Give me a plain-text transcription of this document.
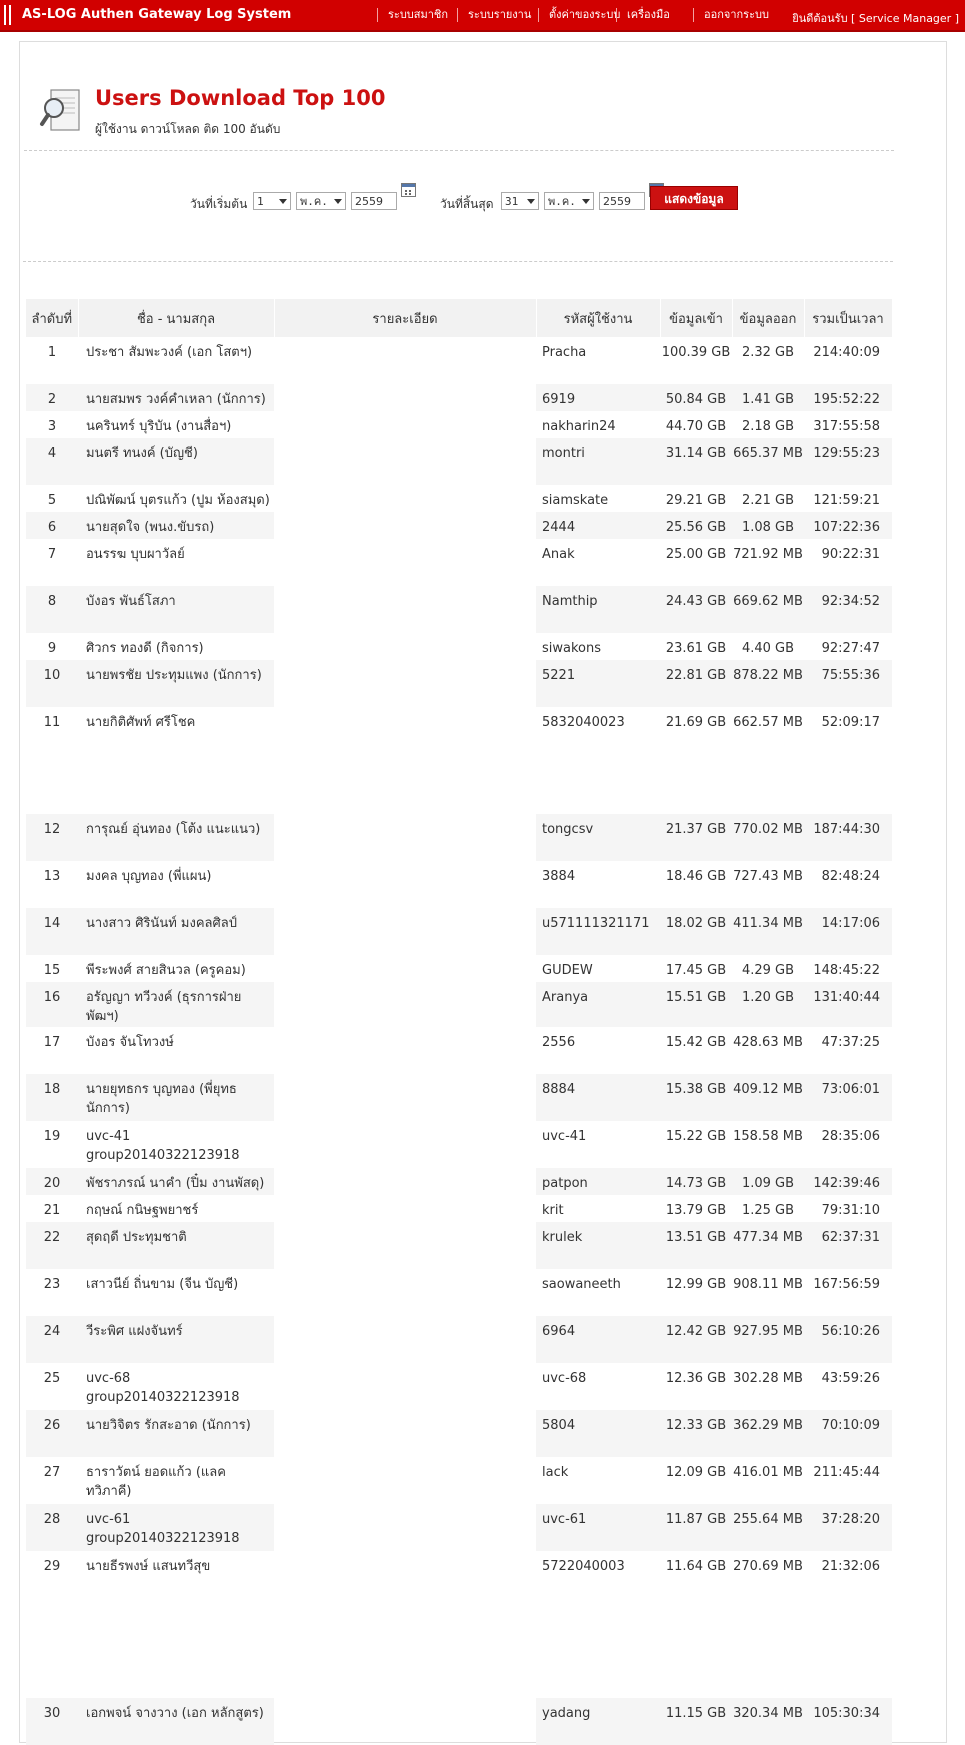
AS-LOG Authen Gateway Log System	ระบบสมาชิก	ระบบรายงาน	ตั้งค่าของระบบ เครื่องมือ	ออกจากระบบ ยินดีต้อนรับ [ Service Manager ]
Users Download Top 100
ผู้ใช้งาน ดาวน์โหลด ติด 100 อันดับ
วันที่เริ่มต้น 1	พ.ค.	2559	วันที่สิ้นสุด	31	พ.ค.	2559	แสดงข้อมูล
ลำดับที่	ชื่อ - นามสกุล	รายละเอียด	รหัสผู้ใช้งาน	ข้อมูลเข้า	ข้อมูลออก	รวมเป็นเวลา
1	ประชา สัมพะวงค์ (เอก โสตฯ)		Pracha	100.39 GB	2.32 GB	214:40:09
2	นายสมพร วงค์คำเหลา (นักการ)		6919	50.84 GB	1.41 GB	195:52:22
3	นครินทร์ บุริบัน (งานสื่อฯ)		nakharin24	44.70 GB	2.18 GB	317:55:58
4	มนตรี ทนงค์ (บัญชี)		montri	31.14 GB	665.37 MB	129:55:23
5	ปณิพัฒน์ บุตรแก้ว (ปูม ห้องสมุด)		siamskate	29.21 GB	2.21 GB	121:59:21
6	นายสุดใจ (พนง.ขับรถ)		2444	25.56 GB	1.08 GB	107:22:36
7	อนรรฆ บุบผาวัลย์		Anak	25.00 GB	721.92 MB	90:22:31
8	บังอร พันธ์โสภา		Namthip	24.43 GB	669.62 MB	92:34:52
9	ศิวกร ทองดี (กิจการ)		siwakons	23.61 GB	4.40 GB	92:27:47
10	นายพรชัย ประทุมแพง (นักการ)		5221	22.81 GB	878.22 MB	75:55:36
11	นายกิติศัพท์ ศรีโชค		5832040023	21.69 GB	662.57 MB	52:09:17
12	การุณย์ อุ่นทอง (โต้ง แนะแนว)		tongcsv	21.37 GB	770.02 MB	187:44:30
13	มงคล บุญทอง (พี่แผน)		3884	18.46 GB	727.43 MB	82:48:24
14	นางสาว ศิรินันท์ มงคลศิลป์		u571111321171	18.02 GB	411.34 MB	14:17:06
15	พีระพงศ์ สายสินวล (ครูคอม)		GUDEW	17.45 GB	4.29 GB	148:45:22
16	อรัญญา ทวีวงค์ (ธุรการฝ่ายพัฒฯ)		Aranya	15.51 GB	1.20 GB	131:40:44
17	บังอร จันโทวงษ์		2556	15.42 GB	428.63 MB	47:37:25
18	นายยุทธกร บุญทอง (พี่ยุทธ นักการ)		8884	15.38 GB	409.12 MB	73:06:01
19	uvc-41 group20140322123918		uvc-41	15.22 GB	158.58 MB	28:35:06
20	พัชราภรณ์ นาคำ (ปิ๋ม งานพัสดุ)		patpon	14.73 GB	1.09 GB	142:39:46
21	กฤษณ์ กนิษฐพยาชร์		krit	13.79 GB	1.25 GB	79:31:10
22	สุดฤดี ประทุมชาติ		krulek	13.51 GB	477.34 MB	62:37:31
23	เสาวนีย์ ถิ่นขาม (จีน บัญชี)		saowaneeth	12.99 GB	908.11 MB	167:56:59
24	วีระพิศ แฝงจันทร์		6964	12.42 GB	927.95 MB	56:10:26
25	uvc-68 group20140322123918		uvc-68	12.36 GB	302.28 MB	43:59:26
26	นายวิจิตร รักสะอาด (นักการ)		5804	12.33 GB	362.29 MB	70:10:09
27	ธาราวัตน์ ยอดแก้ว (แลค ทวิภาคี)		lack	12.09 GB	416.01 MB	211:45:44
28	uvc-61 group20140322123918		uvc-61	11.87 GB	255.64 MB	37:28:20
29	นายธีรพงษ์ แสนทวีสุข		5722040003	11.64 GB	270.69 MB	21:32:06
30	เอกพจน์ จางวาง (เอก หลักสูตร)		yadang	11.15 GB	320.34 MB	105:30:34
